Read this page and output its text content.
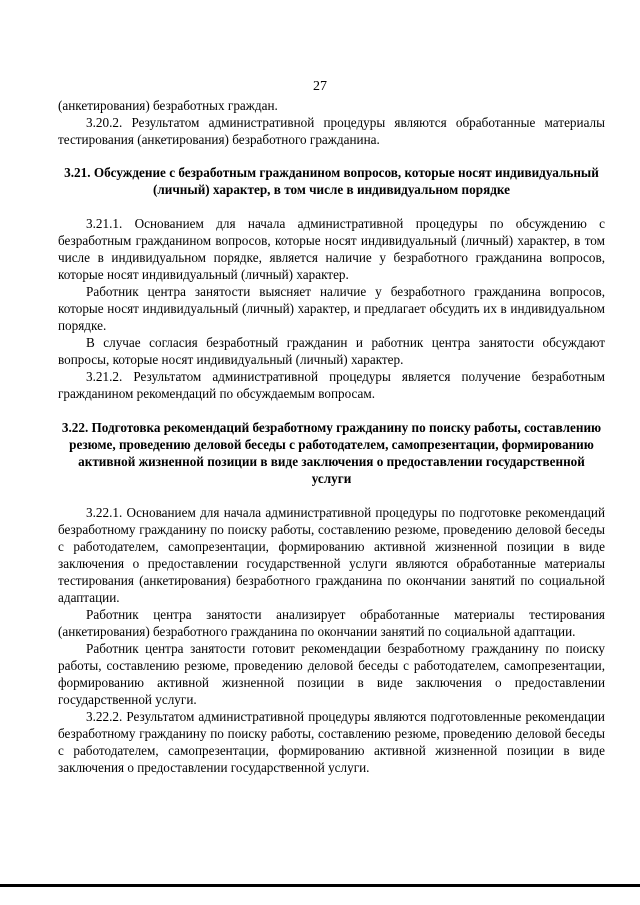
27

(анкетирования) безработных граждан.

3.20.2. Результатом административной процедуры являются обработанные материалы тестирования (анкетирования) безработного гражданина.

3.21. Обсуждение с безработным гражданином вопросов, которые носят индивидуальный (личный) характер, в том числе в индивидуальном порядке

3.21.1. Основанием для начала административной процедуры по обсуждению с безработным гражданином вопросов, которые носят индивидуальный (личный) характер, в том числе в индивидуальном порядке, является наличие у безработного гражданина вопросов, которые носят индивидуальный (личный) характер.

Работник центра занятости выясняет наличие у безработного гражданина вопросов, которые носят индивидуальный (личный) характер, и предлагает обсудить их в индивидуальном порядке.

В случае согласия безработный гражданин и работник центра занятости обсуждают вопросы, которые носят индивидуальный (личный) характер.

3.21.2. Результатом административной процедуры является получение безработным гражданином рекомендаций по обсуждаемым вопросам.

3.22. Подготовка рекомендаций безработному гражданину по поиску работы, составлению резюме, проведению деловой беседы с работодателем, самопрезентации, формированию активной жизненной позиции в виде заключения о предоставлении государственной услуги

3.22.1. Основанием для начала административной процедуры по подготовке рекомендаций безработному гражданину по поиску работы, составлению резюме, проведению деловой беседы с работодателем, самопрезентации, формированию активной жизненной позиции в виде заключения о предоставлении государственной услуги являются обработанные материалы тестирования (анкетирования) безработного гражданина по окончании занятий по социальной адаптации.

Работник центра занятости анализирует обработанные материалы тестирования (анкетирования) безработного гражданина по окончании занятий по социальной адаптации.

Работник центра занятости готовит рекомендации безработному гражданину по поиску работы, составлению резюме, проведению деловой беседы с работодателем, самопрезентации, формированию активной жизненной позиции в виде заключения о предоставлении государственной услуги.

3.22.2. Результатом административной процедуры являются подготовленные рекомендации безработному гражданину по поиску работы, составлению резюме, проведению деловой беседы с работодателем, самопрезентации, формированию активной жизненной позиции в виде заключения о предоставлении государственной услуги.
